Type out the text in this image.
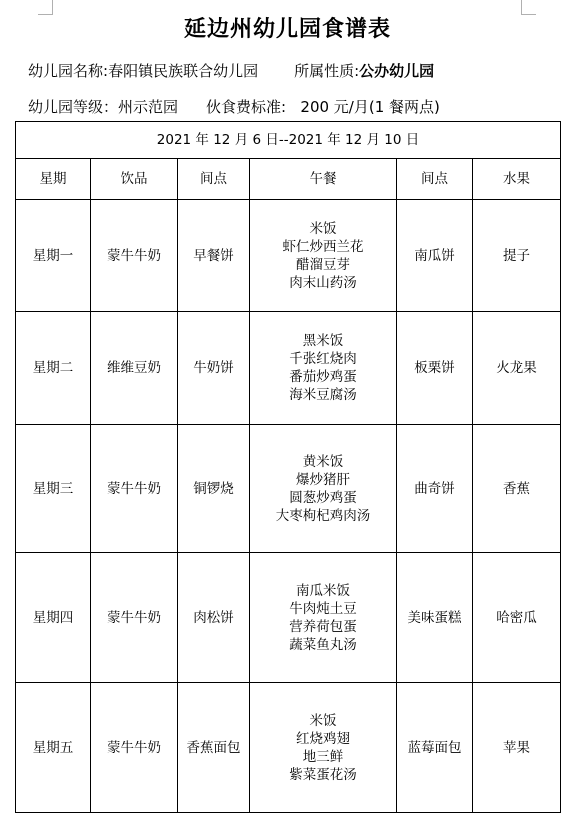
延边州幼儿园食谱表
幼儿园名称:春阳镇民族联合幼儿园 所属性质:公办幼儿园
幼儿园等级：州示范园 伙食费标准: 200 元/月(1 餐两点)
2021 年 12 月 6 日--2021 年 12 月 10 日					
星期	饮品	间点	午餐	间点	水果
星期一	蒙牛牛奶	早餐饼	米饭
虾仁炒西兰花
醋溜豆芽
肉末山药汤	南瓜饼	提子
星期二	维维豆奶	牛奶饼	黑米饭
千张红烧肉
番茄炒鸡蛋
海米豆腐汤	板栗饼	火龙果
星期三	蒙牛牛奶	铜锣烧	黄米饭
爆炒猪肝
圆葱炒鸡蛋
大枣枸杞鸡肉汤	曲奇饼	香蕉
星期四	蒙牛牛奶	肉松饼	南瓜米饭
牛肉炖土豆
营养荷包蛋
蔬菜鱼丸汤	美味蛋糕	哈密瓜
星期五	蒙牛牛奶	香蕉面包	米饭
红烧鸡翅
地三鲜
紫菜蛋花汤	蓝莓面包	苹果
